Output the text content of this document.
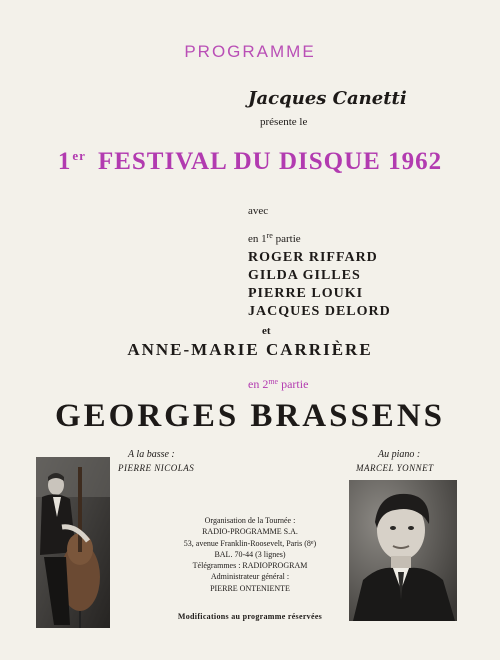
PROGRAMME
Jacques Canetti
présente le
1er FESTIVAL DU DISQUE 1962
avec
en 1re partie
ROGER RIFFARD
GILDA GILLES
PIERRE LOUKI
JACQUES DELORD
et
ANNE-MARIE CARRIÈRE
en $2^{me}$ partie
GEORGES BRASSENS
A la basse :
PIERRE NICOLAS
Au piano :
MARCEL YONNET
Organisation de la Tournée :
RADIO-PROGRAMME S.A.
53, avenue Franklin-Roosevelt, Paris (8e)
BAL. 70-44 (3 lignes)
Télégrammes : RADIOPROGRAM
Administrateur général :
PIERRE ONTENIENTE
Modifications au programme réservées
